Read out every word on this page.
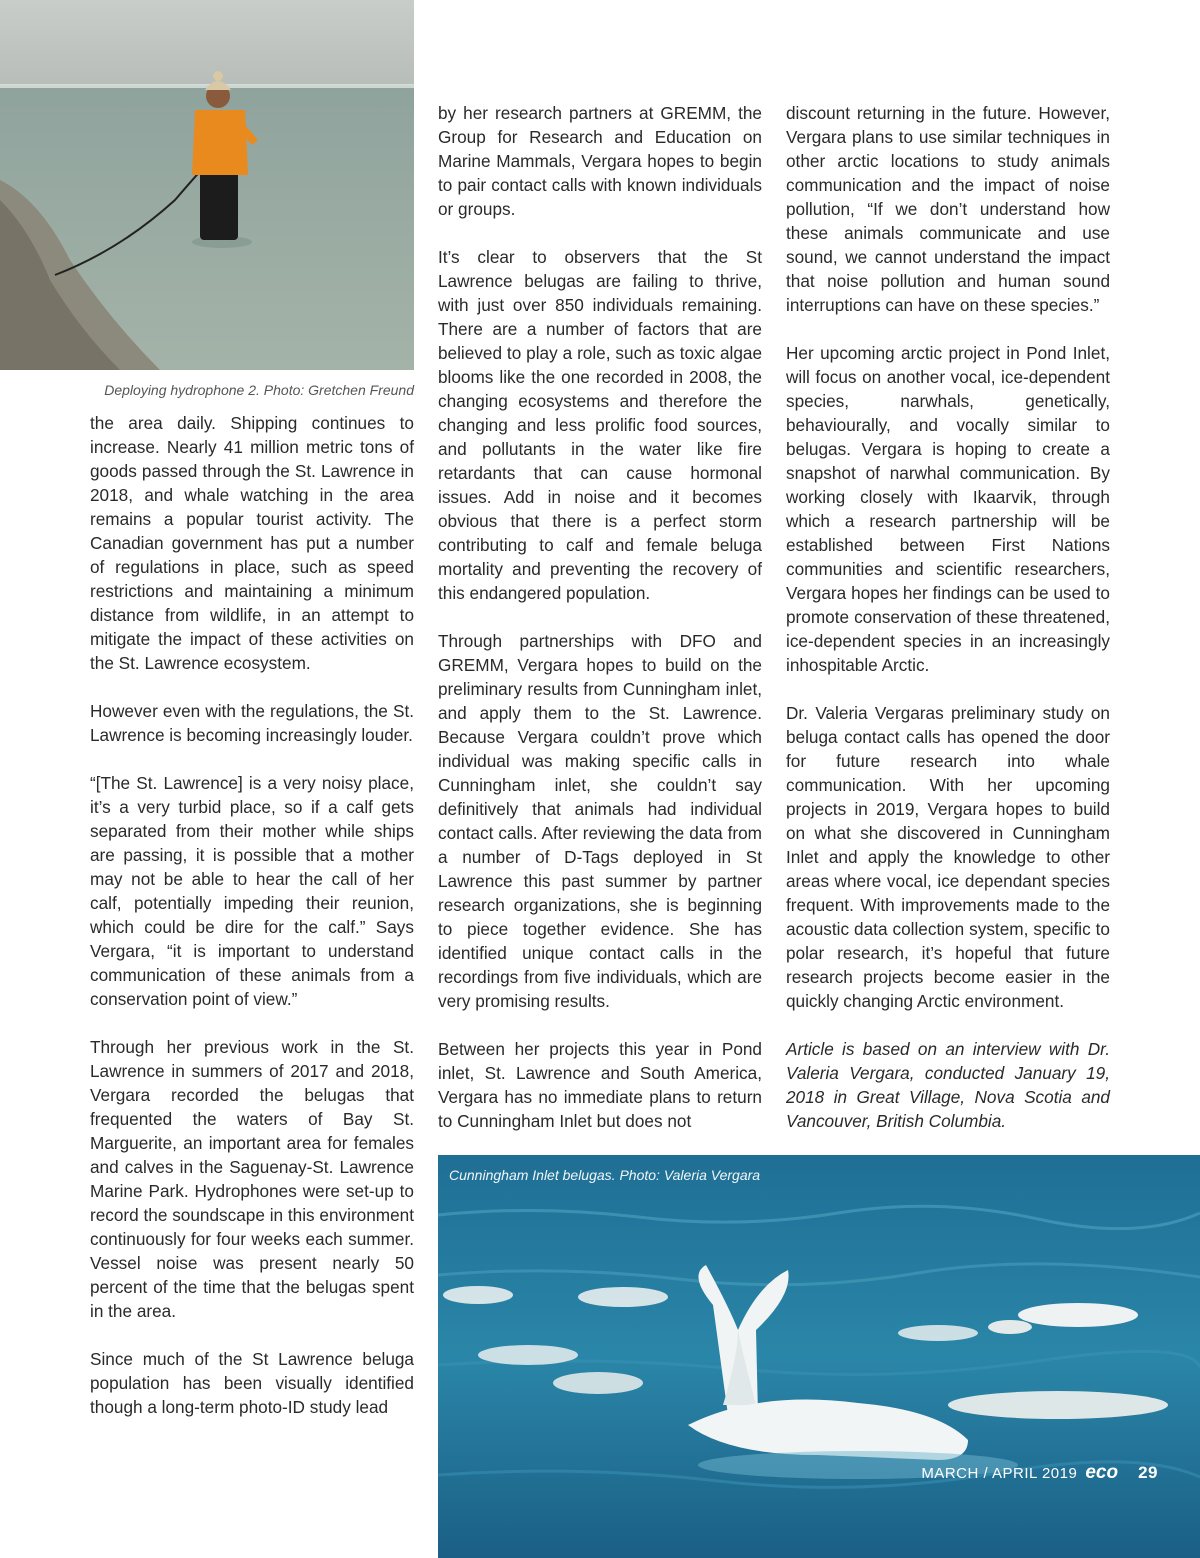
Deploying hydrophone 2. Photo: Gretchen Freund

the area daily. Shipping continues to increase. Nearly 41 million metric tons of goods passed through the St. Lawrence in 2018, and whale watching in the area remains a popular tourist activity. The Canadian government has put a number of regulations in place, such as speed restrictions and maintaining a minimum distance from wildlife, in an attempt to mitigate the impact of these activities on the St. Lawrence ecosystem.

However even with the regulations, the St. Lawrence is becoming increasingly louder.

“[The St. Lawrence] is a very noisy place, it’s a very turbid place, so if a calf gets separated from their mother while ships are passing, it is possible that a mother may not be able to hear the call of her calf, potentially impeding their reunion, which could be dire for the calf.” Says Vergara, “it is important to understand communication of these animals from a conservation point of view.”

Through her previous work in the St. Lawrence in summers of 2017 and 2018, Vergara recorded the belugas that frequented the waters of Bay St. Marguerite, an important area for females and calves in the Saguenay-St. Lawrence Marine Park. Hydrophones were set-up to record the soundscape in this environment continuously for four weeks each summer. Vessel noise was present nearly 50 percent of the time that the belugas spent in the area.

Since much of the St Lawrence beluga population has been visually identified though a long-term photo-ID study lead

by her research partners at GREMM, the Group for Research and Education on Marine Mammals, Vergara hopes to begin to pair contact calls with known individuals or groups.

It’s clear to observers that the St Lawrence belugas are failing to thrive, with just over 850 individuals remaining. There are a number of factors that are believed to play a role, such as toxic algae blooms like the one recorded in 2008, the changing ecosystems and therefore the changing and less prolific food sources, and pollutants in the water like fire retardants that can cause hormonal issues. Add in noise and it becomes obvious that there is a perfect storm contributing to calf and female beluga mortality and preventing the recovery of this endangered population.

Through partnerships with DFO and GREMM, Vergara hopes to build on the preliminary results from Cunningham inlet, and apply them to the St. Lawrence. Because Vergara couldn’t prove which individual was making specific calls in Cunningham inlet, she couldn’t say definitively that animals had individual contact calls. After reviewing the data from a number of D-Tags deployed in St Lawrence this past summer by partner research organizations, she is beginning to piece together evidence. She has identified unique contact calls in the recordings from five individuals, which are very promising results.

Between her projects this year in Pond inlet, St. Lawrence and South America, Vergara has no immediate plans to return to Cunningham Inlet but does not

discount returning in the future. However, Vergara plans to use similar techniques in other arctic locations to study animals communication and the impact of noise pollution, “If we don’t understand how these animals communicate and use sound, we cannot understand the impact that noise pollution and human sound interruptions can have on these species.”

Her upcoming arctic project in Pond Inlet, will focus on another vocal, ice-dependent species, narwhals, genetically, behaviourally, and vocally similar to belugas. Vergara is hoping to create a snapshot of narwhal communication. By working closely with Ikaarvik, through which a research partnership will be established between First Nations communities and scientific researchers, Vergara hopes her findings can be used to promote conservation of these threatened, ice-dependent species in an increasingly inhospitable Arctic.

Dr. Valeria Vergaras preliminary study on beluga contact calls has opened the door for future research into whale communication. With her upcoming projects in 2019, Vergara hopes to build on what she discovered in Cunningham Inlet and apply the knowledge to other areas where vocal, ice dependant species frequent. With improvements made to the acoustic data collection system, specific to polar research, it’s hopeful that future research projects become easier in the quickly changing Arctic environment.

Article is based on an interview with Dr. Valeria Vergara, conducted January 19, 2018 in Great Village, Nova Scotia and Vancouver, British Columbia.

Cunningham Inlet belugas. Photo: Valeria Vergara
MARCH / APRIL 2019 eco 29
